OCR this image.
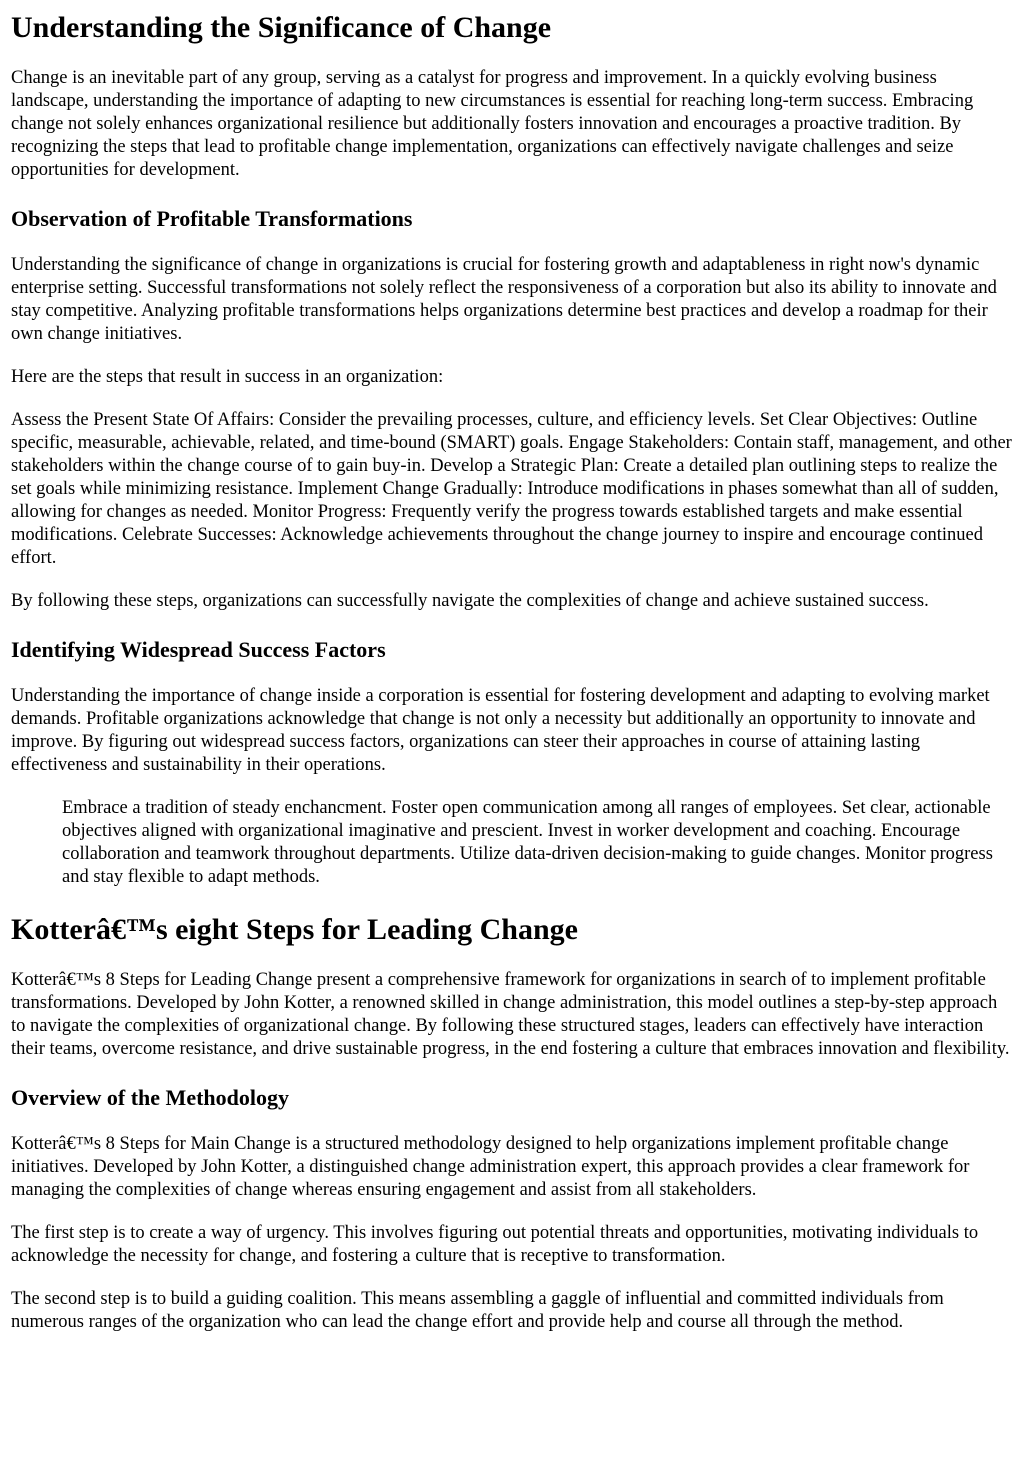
Understanding the Significance of Change

Change is an inevitable part of any group, serving as a catalyst for progress and improvement. In a quickly evolving business landscape, understanding the importance of adapting to new circumstances is essential for reaching long-term success. Embracing change not solely enhances organizational resilience but additionally fosters innovation and encourages a proactive tradition. By recognizing the steps that lead to profitable change implementation, organizations can effectively navigate challenges and seize opportunities for development.

Observation of Profitable Transformations

Understanding the significance of change in organizations is crucial for fostering growth and adaptableness in right now's dynamic enterprise setting. Successful transformations not solely reflect the responsiveness of a corporation but also its ability to innovate and stay competitive. Analyzing profitable transformations helps organizations determine best practices and develop a roadmap for their own change initiatives.

Here are the steps that result in success in an organization:

Assess the Present State Of Affairs: Consider the prevailing processes, culture, and efficiency levels. Set Clear Objectives: Outline specific, measurable, achievable, related, and time-bound (SMART) goals. Engage Stakeholders: Contain staff, management, and other stakeholders within the change course of to gain buy-in. Develop a Strategic Plan: Create a detailed plan outlining steps to realize the set goals while minimizing resistance. Implement Change Gradually: Introduce modifications in phases somewhat than all of sudden, allowing for changes as needed. Monitor Progress: Frequently verify the progress towards established targets and make essential modifications. Celebrate Successes: Acknowledge achievements throughout the change journey to inspire and encourage continued effort.

By following these steps, organizations can successfully navigate the complexities of change and achieve sustained success.

Identifying Widespread Success Factors

Understanding the importance of change inside a corporation is essential for fostering development and adapting to evolving market demands. Profitable organizations acknowledge that change is not only a necessity but additionally an opportunity to innovate and improve. By figuring out widespread success factors, organizations can steer their approaches in course of attaining lasting effectiveness and sustainability in their operations.

Embrace a tradition of steady enchancment. Foster open communication among all ranges of employees. Set clear, actionable objectives aligned with organizational imaginative and prescient. Invest in worker development and coaching. Encourage collaboration and teamwork throughout departments. Utilize data-driven decision-making to guide changes. Monitor progress and stay flexible to adapt methods.
Kotterâ€™s eight Steps for Leading Change

Kotterâ€™s 8 Steps for Leading Change present a comprehensive framework for organizations in search of to implement profitable transformations. Developed by John Kotter, a renowned skilled in change administration, this model outlines a step-by-step approach to navigate the complexities of organizational change. By following these structured stages, leaders can effectively have interaction their teams, overcome resistance, and drive sustainable progress, in the end fostering a culture that embraces innovation and flexibility.

Overview of the Methodology

Kotterâ€™s 8 Steps for Main Change is a structured methodology designed to help organizations implement profitable change initiatives. Developed by John Kotter, a distinguished change administration expert, this approach provides a clear framework for managing the complexities of change whereas ensuring engagement and assist from all stakeholders.

The first step is to create a way of urgency. This involves figuring out potential threats and opportunities, motivating individuals to acknowledge the necessity for change, and fostering a culture that is receptive to transformation.

The second step is to build a guiding coalition. This means assembling a gaggle of influential and committed individuals from numerous ranges of the organization who can lead the change effort and provide help and course all through the method.
